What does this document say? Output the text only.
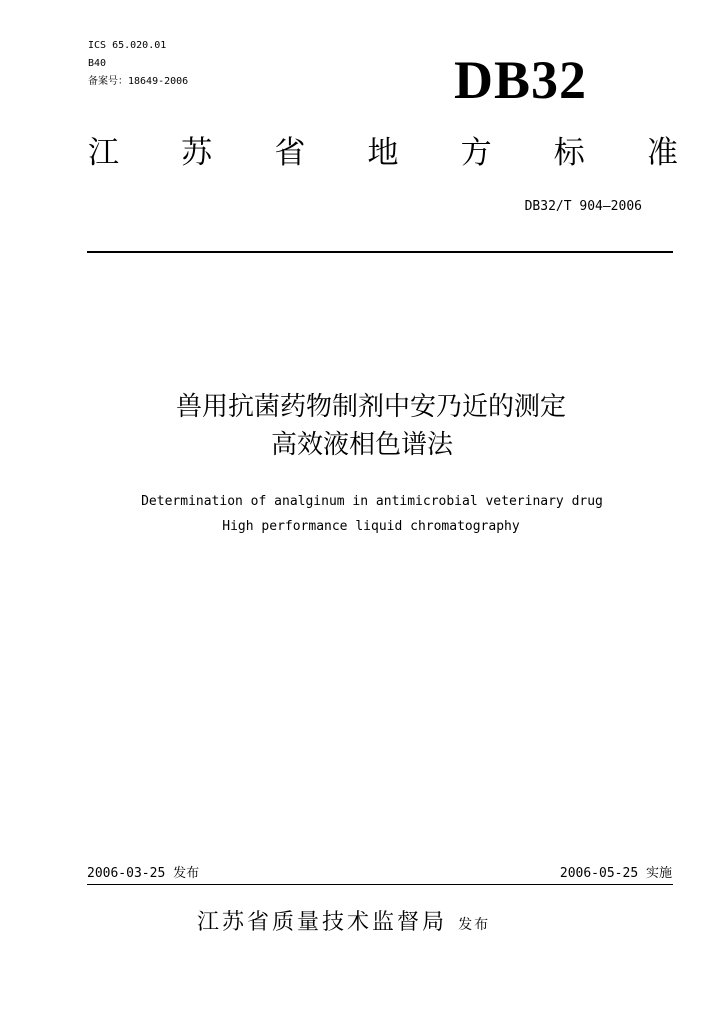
ICS 65.020.01
B40
备案号：18649-2006	DB32
江 苏 省 地 方 标 准
DB32/T 904—2006
兽用抗菌药物制剂中安乃近的测定
高效液相色谱法
Determination of analginum in antimicrobial veterinary drug
High performance liquid chromatography
2006-03-25 发布	2006-05-25 实施
江苏省质量技术监督局 发布
